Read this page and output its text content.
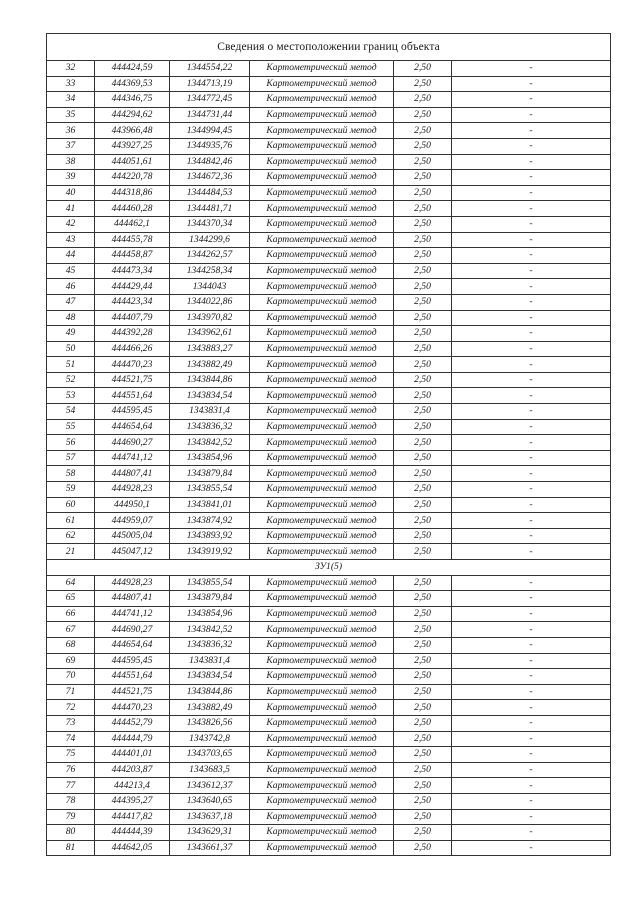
Сведения о местоположении границ объекта					
32	444424,59	1344554,22	Картометрический метод	2,50	-
33	444369,53	1344713,19	Картометрический метод	2,50	-
34	444346,75	1344772,45	Картометрический метод	2,50	-
35	444294,62	1344731,44	Картометрический метод	2,50	-
36	443966,48	1344994,45	Картометрический метод	2,50	-
37	443927,25	1344935,76	Картометрический метод	2,50	-
38	444051,61	1344842,46	Картометрический метод	2,50	-
39	444220,78	1344672,36	Картометрический метод	2,50	-
40	444318,86	1344484,53	Картометрический метод	2,50	-
41	444460,28	1344481,71	Картометрический метод	2,50	-
42	444462,1	1344370,34	Картометрический метод	2,50	-
43	444455,78	1344299,6	Картометрический метод	2,50	-
44	444458,87	1344262,57	Картометрический метод	2,50	-
45	444473,34	1344258,34	Картометрический метод	2,50	-
46	444429,44	1344043	Картометрический метод	2,50	-
47	444423,34	1344022,86	Картометрический метод	2,50	-
48	444407,79	1343970,82	Картометрический метод	2,50	-
49	444392,28	1343962,61	Картометрический метод	2,50	-
50	444466,26	1343883,27	Картометрический метод	2,50	-
51	444470,23	1343882,49	Картометрический метод	2,50	-
52	444521,75	1343844,86	Картометрический метод	2,50	-
53	444551,64	1343834,54	Картометрический метод	2,50	-
54	444595,45	1343831,4	Картометрический метод	2,50	-
55	444654,64	1343836,32	Картометрический метод	2,50	-
56	444690,27	1343842,52	Картометрический метод	2,50	-
57	444741,12	1343854,96	Картометрический метод	2,50	-
58	444807,41	1343879,84	Картометрический метод	2,50	-
59	444928,23	1343855,54	Картометрический метод	2,50	-
60	444950,1	1343841,01	Картометрический метод	2,50	-
61	444959,07	1343874,92	Картометрический метод	2,50	-
62	445005,04	1343893,92	Картометрический метод	2,50	-
21	445047,12	1343919,92	Картометрический метод	2,50	-
ЗУ1(5)					
64	444928,23	1343855,54	Картометрический метод	2,50	-
65	444807,41	1343879,84	Картометрический метод	2,50	-
66	444741,12	1343854,96	Картометрический метод	2,50	-
67	444690,27	1343842,52	Картометрический метод	2,50	-
68	444654,64	1343836,32	Картометрический метод	2,50	-
69	444595,45	1343831,4	Картометрический метод	2,50	-
70	444551,64	1343834,54	Картометрический метод	2,50	-
71	444521,75	1343844,86	Картометрический метод	2,50	-
72	444470,23	1343882,49	Картометрический метод	2,50	-
73	444452,79	1343826,56	Картометрический метод	2,50	-
74	444444,79	1343742,8	Картометрический метод	2,50	-
75	444401,01	1343703,65	Картометрический метод	2,50	-
76	444203,87	1343683,5	Картометрический метод	2,50	-
77	444213,4	1343612,37	Картометрический метод	2,50	-
78	444395,27	1343640,65	Картометрический метод	2,50	-
79	444417,82	1343637,18	Картометрический метод	2,50	-
80	444444,39	1343629,31	Картометрический метод	2,50	-
81	444642,05	1343661,37	Картометрический метод	2,50	-
